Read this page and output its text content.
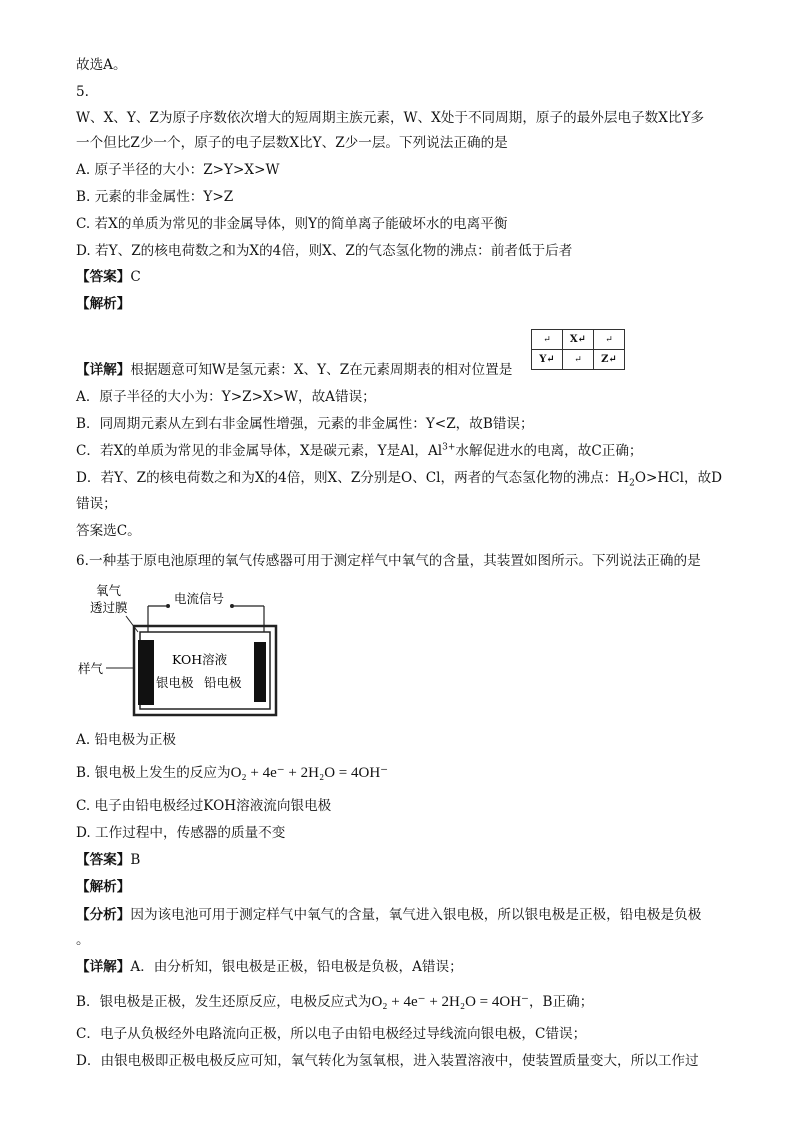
故选A。
5.
W、X、Y、Z为原子序数依次增大的短周期主族元素，W、X处于不同周期，原子的最外层电子数X比Y多
一个但比Z少一个，原子的电子层数X比Y、Z少一层。下列说法正确的是
A. 原子半径的大小：Z>Y>X>W
B. 元素的非金属性：Y>Z
C. 若X的单质为常见的非金属导体，则Y的简单离子能破坏水的电离平衡
D. 若Y、Z的核电荷数之和为X的4倍，则X、Z的气态氢化物的沸点：前者低于后者
【答案】C
【解析】
↵	X↵	↵
Y↵	↵	Z↵
【详解】根据题意可知W是氢元素：X、Y、Z在元素周期表的相对位置是
A．原子半径的大小为：Y>Z>X>W，故A错误；
B．同周期元素从左到右非金属性增强，元素的非金属性：Y<Z，故B错误；
C．若X的单质为常见的非金属导体，X是碳元素，Y是Al，$Al^{3+}$水解促进水的电离，故C正确；
D．若Y、Z的核电荷数之和为X的4倍，则X、Z分别是O、Cl，两者的气态氢化物的沸点：$H_2O>HCl$，故D
错误；
答案选C。
6.一种基于原电池原理的氧气传感器可用于测定样气中氧气的含量，其装置如图所示。下列说法正确的是
氧气
透过膜
电流信号
KOH溶液
样气
银电极 铅电极
A. 铅电极为正极
B. 银电极上发生的反应为O₂ + 4e⁻ + 2H₂O = 4OH⁻
C. 电子由铅电极经过KOH溶液流向银电极
D. 工作过程中，传感器的质量不变
【答案】B
【解析】
【分析】因为该电池可用于测定样气中氧气的含量，氧气进入银电极，所以银电极是正极，铅电极是负极
。
【详解】A．由分析知，银电极是正极，铅电极是负极，A错误；
B．银电极是正极，发生还原反应，电极反应式为O₂ + 4e⁻ + 2H₂O = 4OH⁻，B正确；
C．电子从负极经外电路流向正极，所以电子由铅电极经过导线流向银电极，C错误；
D．由银电极即正极电极反应可知，氧气转化为氢氧根，进入装置溶液中，使装置质量变大，所以工作过
